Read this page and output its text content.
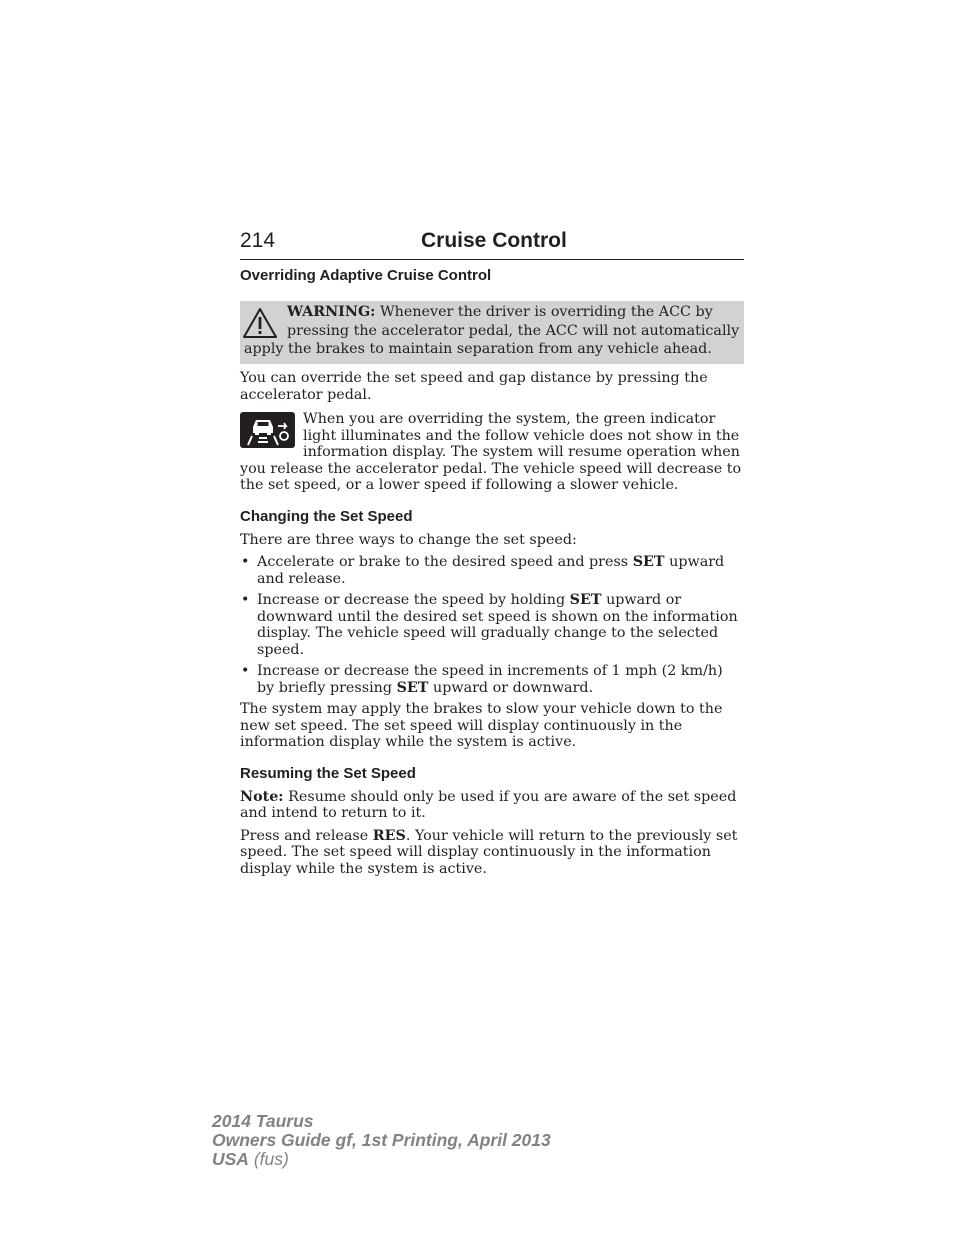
214	Cruise Control
Overriding Adaptive Cruise Control
WARNING: Whenever the driver is overriding the ACC by
pressing the accelerator pedal, the ACC will not automatically
apply the brakes to maintain separation from any vehicle ahead.

You can override the set speed and gap distance by pressing the accelerator pedal.

When you are overriding the system, the green indicator light illuminates and the follow vehicle does not show in the information display. The system will resume operation when you release the accelerator pedal. The vehicle speed will decrease to the set speed, or a lower speed if following a slower vehicle.

Changing the Set Speed

There are three ways to change the set speed:

• Accelerate or brake to the desired speed and press SET upward and release.
• Increase or decrease the speed by holding SET upward or downward until the desired set speed is shown on the information display. The vehicle speed will gradually change to the selected speed.
• Increase or decrease the speed in increments of 1 mph (2 km/h) by briefly pressing SET upward or downward.

The system may apply the brakes to slow your vehicle down to the new set speed. The set speed will display continuously in the information display while the system is active.

Resuming the Set Speed

Note: Resume should only be used if you are aware of the set speed and intend to return to it.

Press and release RES. Your vehicle will return to the previously set speed. The set speed will display continuously in the information display while the system is active.

2014 Taurus
Owners Guide gf, 1st Printing, April 2013
USA (fus)
